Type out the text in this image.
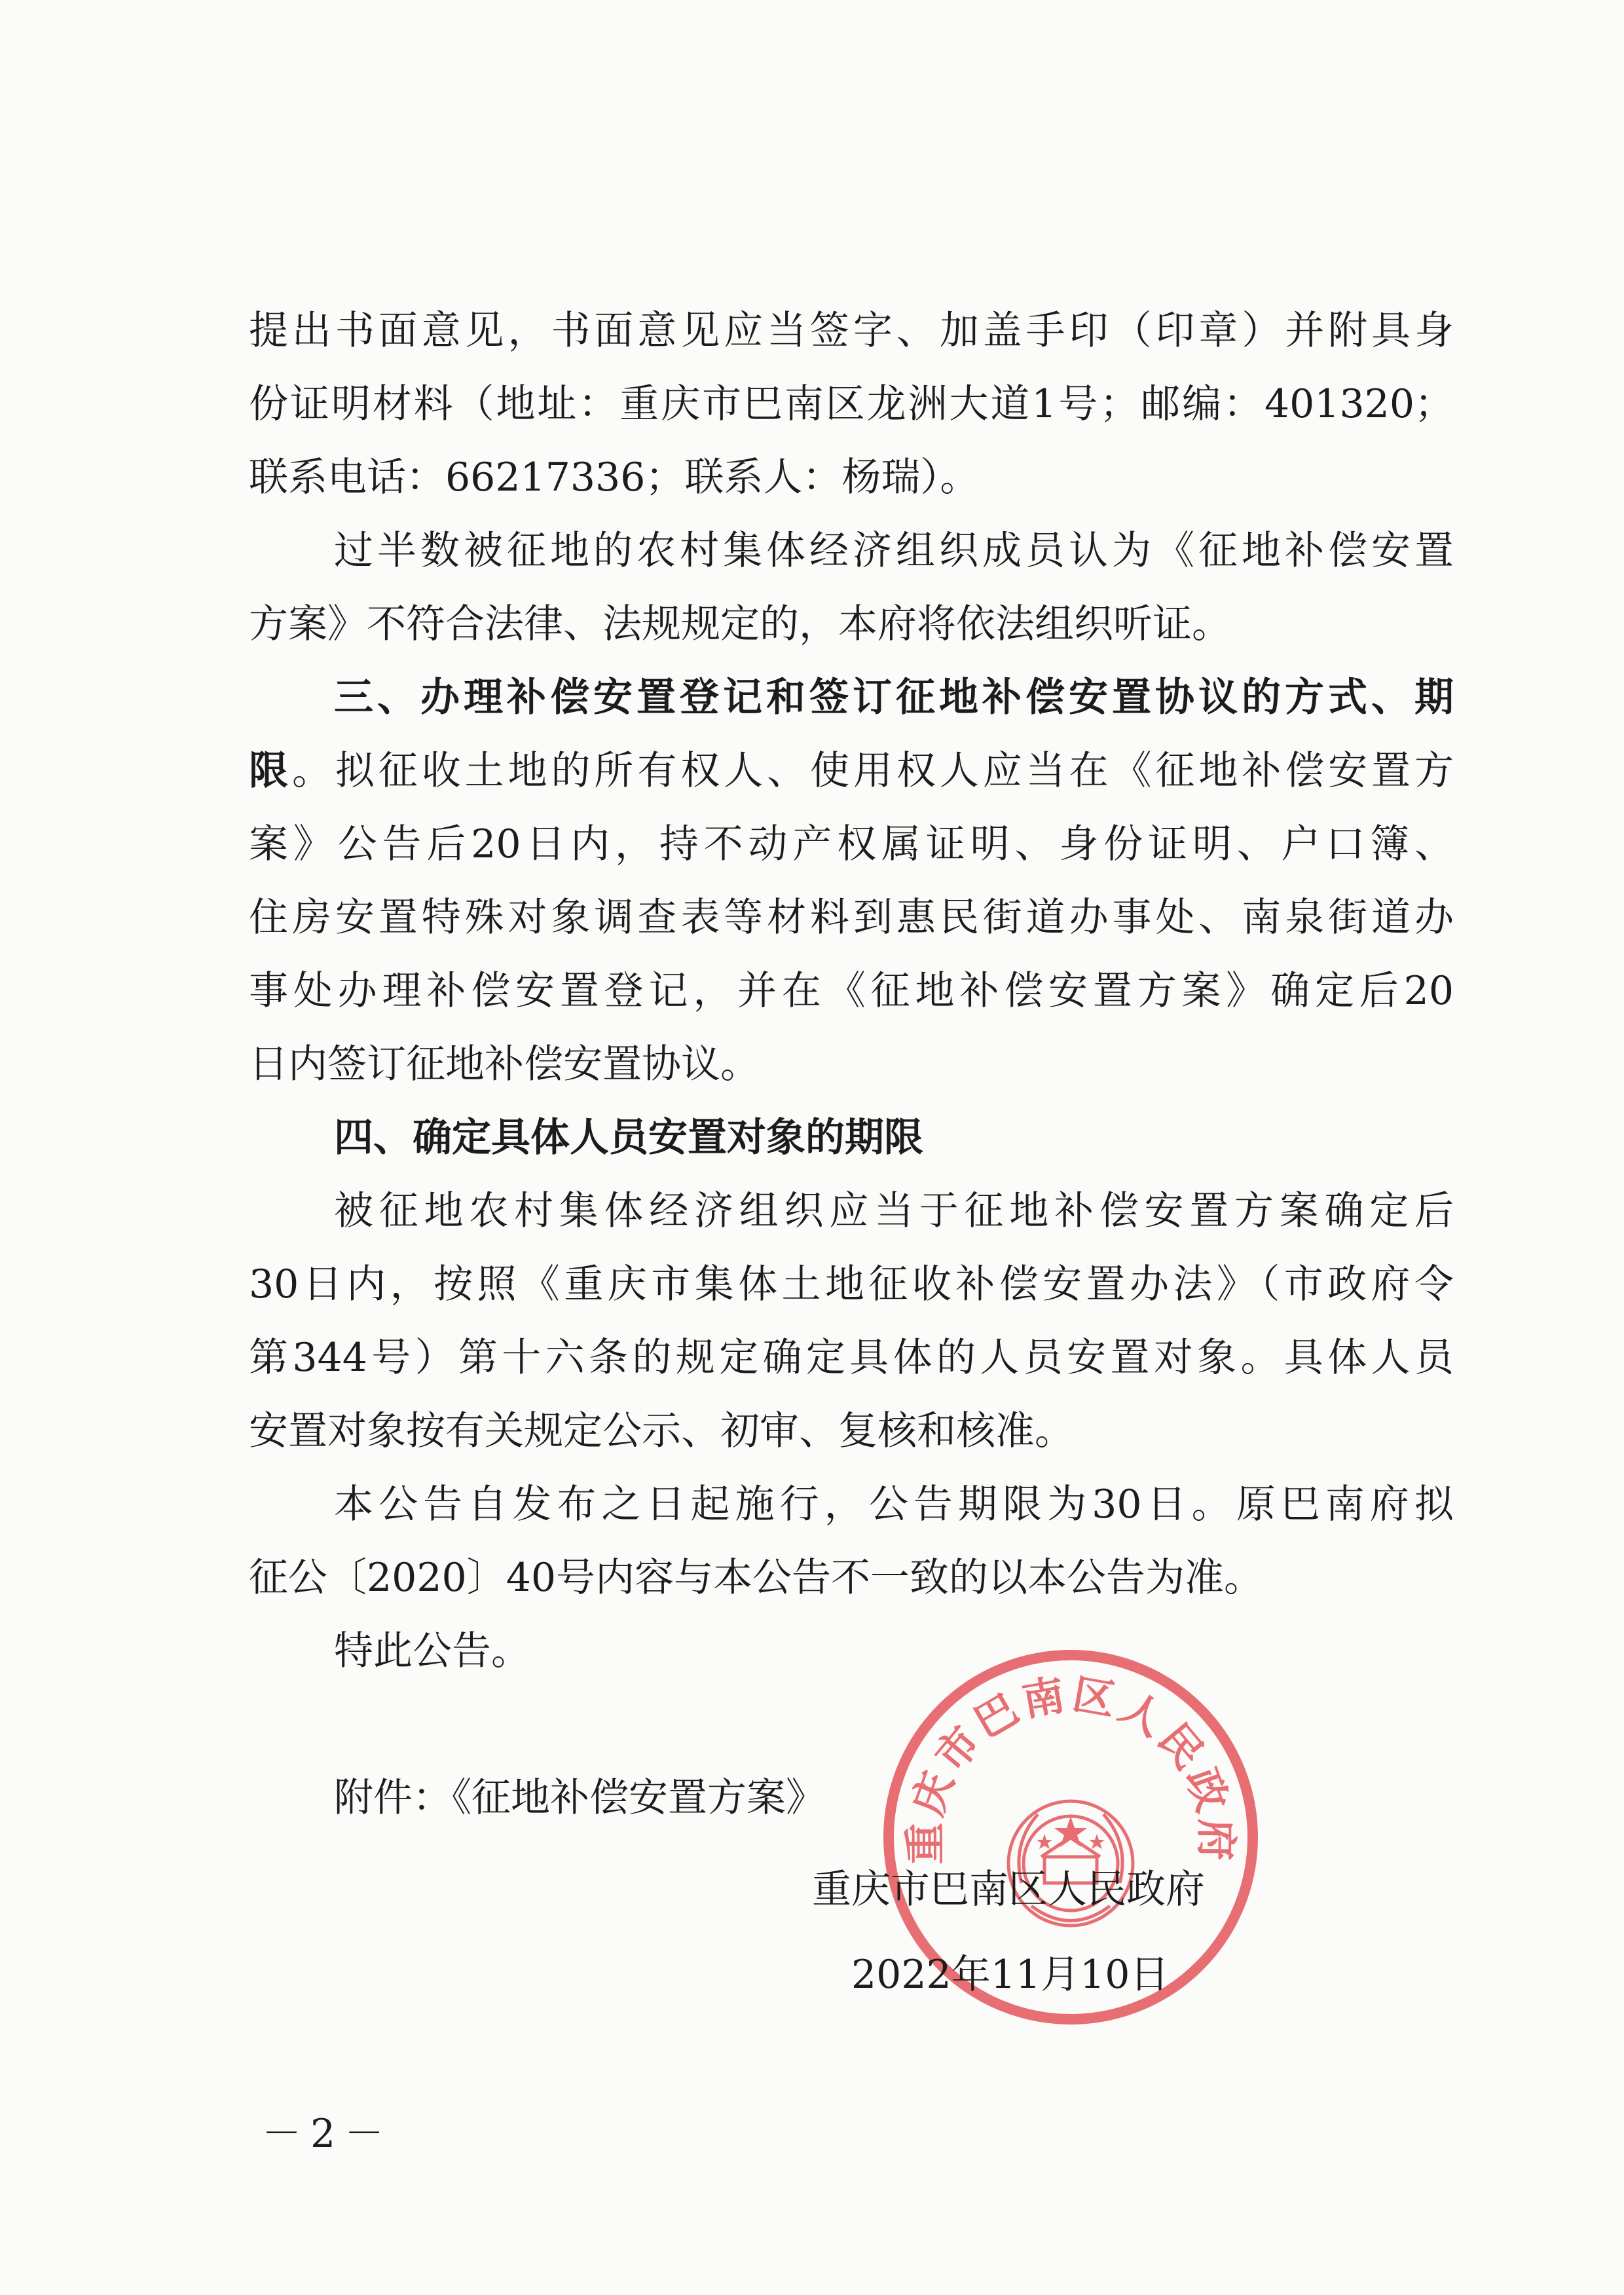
提出书面意见，书面意见应当签字、加盖手印（印章）并附具身
份证明材料（地址：重庆市巴南区龙洲大道1号；邮编：401320；
联系电话：66217336；联系人：杨瑞）。
过半数被征地的农村集体经济组织成员认为《征地补偿安置
方案》不符合法律、法规规定的，本府将依法组织听证。
三、办理补偿安置登记和签订征地补偿安置协议的方式、期
限。拟征收土地的所有权人、使用权人应当在《征地补偿安置方
案》公告后20日内，持不动产权属证明、身份证明、户口簿、
住房安置特殊对象调查表等材料到惠民街道办事处、南泉街道办
事处办理补偿安置登记，并在《征地补偿安置方案》确定后20
日内签订征地补偿安置协议。
四、确定具体人员安置对象的期限
被征地农村集体经济组织应当于征地补偿安置方案确定后
30日内，按照《重庆市集体土地征收补偿安置办法》（市政府令
第344号）第十六条的规定确定具体的人员安置对象。具体人员
安置对象按有关规定公示、初审、复核和核准。
本公告自发布之日起施行，公告期限为30日。原巴南府拟
征公〔2020〕40号内容与本公告不一致的以本公告为准。
特此公告。
附件：《征地补偿安置方案》
重庆市巴南区人民政府
重庆市巴南区人民政府
2022年11月10日
－2－
